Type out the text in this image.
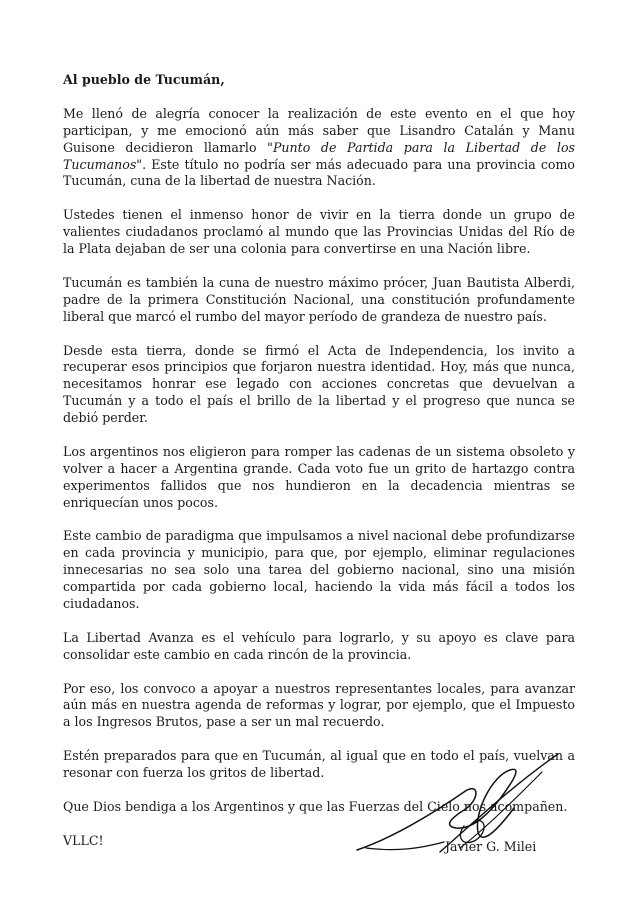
Al pueblo de Tucumán,

Me llenó de alegría conocer la realización de este evento en el que hoy participan, y me emocionó aún más saber que Lisandro Catalán y Manu Guisone decidieron llamarlo "Punto de Partida para la Libertad de los Tucumanos". Este título no podría ser más adecuado para una provincia como Tucumán, cuna de la libertad de nuestra Nación.

Ustedes tienen el inmenso honor de vivir en la tierra donde un grupo de valientes ciudadanos proclamó al mundo que las Provincias Unidas del Río de la Plata dejaban de ser una colonia para convertirse en una Nación libre.

Tucumán es también la cuna de nuestro máximo prócer, Juan Bautista Alberdi, padre de la primera Constitución Nacional, una constitución profundamente liberal que marcó el rumbo del mayor período de grandeza de nuestro país.

Desde esta tierra, donde se firmó el Acta de Independencia, los invito a recuperar esos principios que forjaron nuestra identidad. Hoy, más que nunca, necesitamos honrar ese legado con acciones concretas que devuelvan a Tucumán y a todo el país el brillo de la libertad y el progreso que nunca se debió perder.

Los argentinos nos eligieron para romper las cadenas de un sistema obsoleto y volver a hacer a Argentina grande. Cada voto fue un grito de hartazgo contra experimentos fallidos que nos hundieron en la decadencia mientras se enriquecían unos pocos.

Este cambio de paradigma que impulsamos a nivel nacional debe profundizarse en cada provincia y municipio, para que, por ejemplo, eliminar regulaciones innecesarias no sea solo una tarea del gobierno nacional, sino una misión compartida por cada gobierno local, haciendo la vida más fácil a todos los ciudadanos.

La Libertad Avanza es el vehículo para lograrlo, y su apoyo es clave para consolidar este cambio en cada rincón de la provincia.

Por eso, los convoco a apoyar a nuestros representantes locales, para avanzar aún más en nuestra agenda de reformas y lograr, por ejemplo, que el Impuesto a los Ingresos Brutos, pase a ser un mal recuerdo.

Estén preparados para que en Tucumán, al igual que en todo el país, vuelvan a resonar con fuerza los gritos de libertad.

Que Dios bendiga a los Argentinos y que las Fuerzas del Cielo nos acompañen.

VLLC!	Javier G. Milei
